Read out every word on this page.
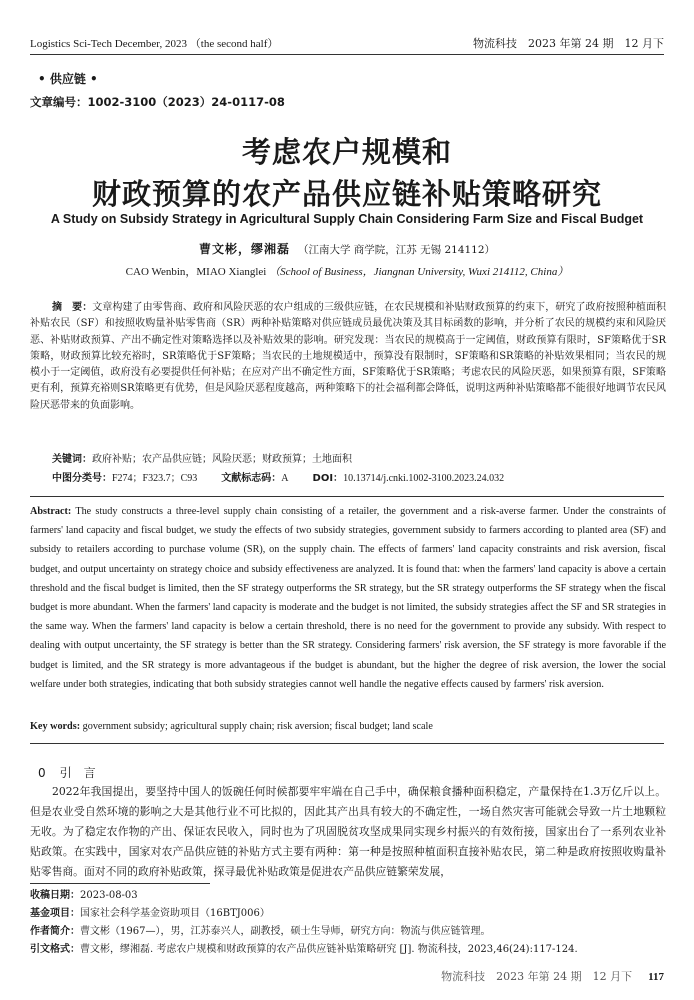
Logistics Sci-Tech December, 2023 （the second half）	物流科技　2023 年第 24 期　12 月下
• 供应链 •
文章编号：1002-3100（2023）24-0117-08
考虑农户规模和
财政预算的农产品供应链补贴策略研究
A Study on Subsidy Strategy in Agricultural Supply Chain Considering Farm Size and Fiscal Budget
曹文彬，缪湘磊 （江南大学 商学院，江苏 无锡 214112）
CAO Wenbin，MIAO Xianglei （School of Business，Jiangnan University, Wuxi 214112, China）
摘　要：文章构建了由零售商、政府和风险厌恶的农户组成的三级供应链，在农民规模和补贴财政预算的约束下，研究了政府按照种植面积补贴农民（SF）和按照收购量补贴零售商（SR）两种补贴策略对供应链成员最优决策及其目标函数的影响，并分析了农民的规模约束和风险厌恶、补贴财政预算、产出不确定性对策略选择以及补贴效果的影响。研究发现：当农民的规模高于一定阈值，财政预算有限时，SF策略优于SR策略，财政预算比较充裕时，SR策略优于SF策略；当农民的土地规模适中，预算没有限制时，SF策略和SR策略的补贴效果相同；当农民的规模小于一定阈值，政府没有必要提供任何补贴；在应对产出不确定性方面，SF策略优于SR策略；考虑农民的风险厌恶，如果预算有限，SF策略更有利，预算充裕则SR策略更有优势，但是风险厌恶程度越高，两种策略下的社会福利都会降低，说明这两种补贴策略都不能很好地调节农民风险厌恶带来的负面影响。
关键词：政府补贴；农产品供应链；风险厌恶；财政预算；土地面积
中图分类号：F274；F323.7；C93 文献标志码：A DOI：10.13714/j.cnki.1002-3100.2023.24.032
Abstract: The study constructs a three-level supply chain consisting of a retailer, the government and a risk-averse farmer. Under the constraints of farmers' land capacity and fiscal budget, we study the effects of two subsidy strategies, government subsidy to farmers according to planted area (SF) and subsidy to retailers according to purchase volume (SR), on the supply chain. The effects of farmers' land capacity constraints and risk aversion, fiscal budget, and output uncertainty on strategy choice and subsidy effectiveness are analyzed. It is found that: when the farmers' land capacity is above a certain threshold and the fiscal budget is limited, then the SF strategy outperforms the SR strategy, but the SR strategy outperforms the SF strategy when the fiscal budget is more abundant. When the farmers' land capacity is moderate and the budget is not limited, the subsidy strategies affect the SF and SR strategies in the same way. When the farmers' land capacity is below a certain threshold, there is no need for the government to provide any subsidy. With respect to dealing with output uncertainty, the SF strategy is better than the SR strategy. Considering farmers' risk aversion, the SF strategy is more favorable if the budget is limited, and the SR strategy is more advantageous if the budget is abundant, but the higher the degree of risk aversion, the lower the social welfare under both strategies, indicating that both subsidy strategies cannot well handle the negative effects caused by farmers' risk aversion.
Key words: government subsidy; agricultural supply chain; risk aversion; fiscal budget; land scale
0 引　言
2022年我国提出，要坚持中国人的饭碗任何时候都要牢牢端在自己手中，确保粮食播种面积稳定，产量保持在1.3万亿斤以上。但是农业受自然环境的影响之大是其他行业不可比拟的，因此其产出具有较大的不确定性，一场自然灾害可能就会导致一片土地颗粒无收。为了稳定农作物的产出、保证农民收入，同时也为了巩固脱贫攻坚成果同实现乡村振兴的有效衔接，国家出台了一系列农业补贴政策。在实践中，国家对农产品供应链的补贴方式主要有两种：第一种是按照种植面积直接补贴农民，第二种是政府按照收购量补贴零售商。面对不同的政府补贴政策，探寻最优补贴政策是促进农产品供应链繁荣发展，
收稿日期：2023-08-03
基金项目：国家社会科学基金资助项目（16BTJ006）
作者简介：曹文彬（1967—），男，江苏泰兴人，副教授，硕士生导师，研究方向：物流与供应链管理。
引文格式：曹文彬，缪湘磊. 考虑农户规模和财政预算的农产品供应链补贴策略研究 [J]. 物流科技，2023,46(24):117-124.
物流科技　2023 年第 24 期　12 月下 117
